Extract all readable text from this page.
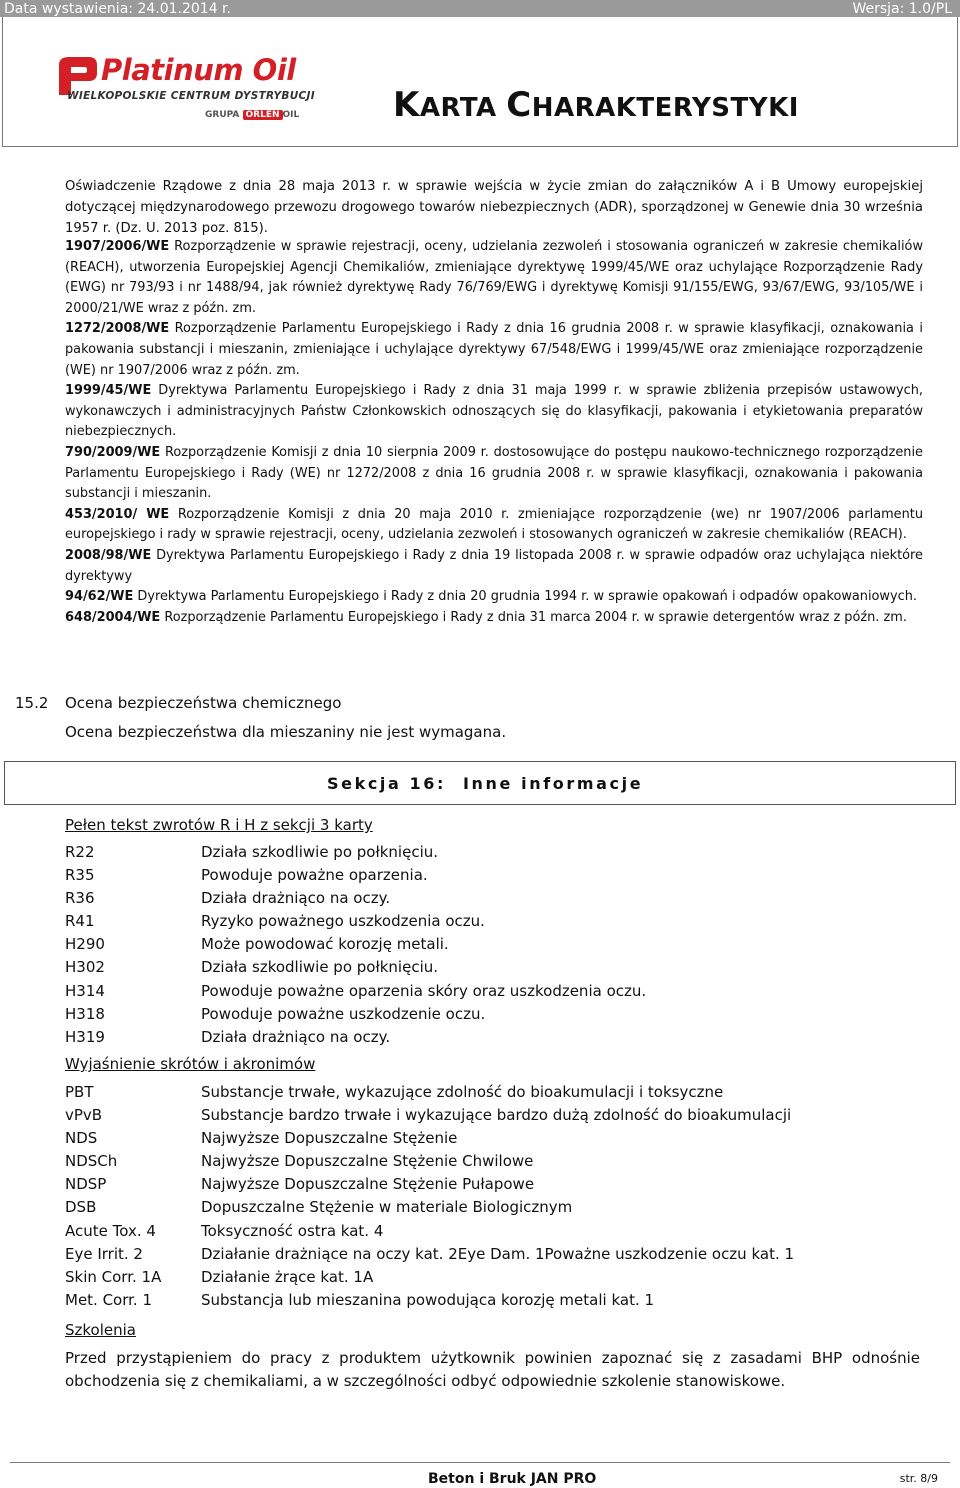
Data wystawienia: 24.01.2014 r.	Wersja: 1.0/PL
Platinum Oil
WIELKOPOLSKIE CENTRUM DYSTRYBUCJI
GRUPA ORLEN OIL	KARTA CHARAKTERYSTYKI
Oświadczenie Rządowe z dnia 28 maja 2013 r. w sprawie wejścia w życie zmian do załączników A i B Umowy europejskiej dotyczącej międzynarodowego przewozu drogowego towarów niebezpiecznych (ADR), sporządzonej w Genewie dnia 30 września 1957 r. (Dz. U. 2013 poz. 815).
1907/2006/WE Rozporządzenie w sprawie rejestracji, oceny, udzielania zezwoleń i stosowania ograniczeń w zakresie chemikaliów (REACH), utworzenia Europejskiej Agencji Chemikaliów, zmieniające dyrektywę 1999/45/WE oraz uchylające Rozporządzenie Rady (EWG) nr 793/93 i nr 1488/94, jak również dyrektywę Rady 76/769/EWG i dyrektywę Komisji 91/155/EWG, 93/67/EWG, 93/105/WE i 2000/21/WE wraz z późn. zm.
1272/2008/WE Rozporządzenie Parlamentu Europejskiego i Rady z dnia 16 grudnia 2008 r. w sprawie klasyfikacji, oznakowania i pakowania substancji i mieszanin, zmieniające i uchylające dyrektywy 67/548/EWG i 1999/45/WE oraz zmieniające rozporządzenie (WE) nr 1907/2006 wraz z późn. zm.
1999/45/WE Dyrektywa Parlamentu Europejskiego i Rady z dnia 31 maja 1999 r. w sprawie zbliżenia przepisów ustawowych, wykonawczych i administracyjnych Państw Członkowskich odnoszących się do klasyfikacji, pakowania i etykietowania preparatów niebezpiecznych.
790/2009/WE Rozporządzenie Komisji z dnia 10 sierpnia 2009 r. dostosowujące do postępu naukowo-technicznego rozporządzenie Parlamentu Europejskiego i Rady (WE) nr 1272/2008 z dnia 16 grudnia 2008 r. w sprawie klasyfikacji, oznakowania i pakowania substancji i mieszanin.
453/2010/ WE Rozporządzenie Komisji z dnia 20 maja 2010 r. zmieniające rozporządzenie (we) nr 1907/2006 parlamentu europejskiego i rady w sprawie rejestracji, oceny, udzielania zezwoleń i stosowanych ograniczeń w zakresie chemikaliów (REACH).
2008/98/WE Dyrektywa Parlamentu Europejskiego i Rady z dnia 19 listopada 2008 r. w sprawie odpadów oraz uchylająca niektóre dyrektywy
94/62/WE Dyrektywa Parlamentu Europejskiego i Rady z dnia 20 grudnia 1994 r. w sprawie opakowań i odpadów opakowaniowych.
648/2004/WE Rozporządzenie Parlamentu Europejskiego i Rady z dnia 31 marca 2004 r. w sprawie detergentów wraz z późn. zm.
15.2 Ocena bezpieczeństwa chemicznego
Ocena bezpieczeństwa dla mieszaniny nie jest wymagana.
Sekcja 16: Inne informacje
Pełen tekst zwrotów R i H z sekcji 3 karty
R22	Działa szkodliwie po połknięciu.
R35	Powoduje poważne oparzenia.
R36	Działa drażniąco na oczy.
R41	Ryzyko poważnego uszkodzenia oczu.
H290	Może powodować korozję metali.
H302	Działa szkodliwie po połknięciu.
H314	Powoduje poważne oparzenia skóry oraz uszkodzenia oczu.
H318	Powoduje poważne uszkodzenie oczu.
H319	Działa drażniąco na oczy.
Wyjaśnienie skrótów i akronimów
PBT	Substancje trwałe, wykazujące zdolność do bioakumulacji i toksyczne
vPvB	Substancje bardzo trwałe i wykazujące bardzo dużą zdolność do bioakumulacji
NDS	Najwyższe Dopuszczalne Stężenie
NDSCh	Najwyższe Dopuszczalne Stężenie Chwilowe
NDSP	Najwyższe Dopuszczalne Stężenie Pułapowe
DSB	Dopuszczalne Stężenie w materiale Biologicznym
Acute Tox. 4	Toksyczność ostra kat. 4
Eye Irrit. 2	Działanie drażniące na oczy kat. 2Eye Dam. 1Poważne uszkodzenie oczu kat. 1
Skin Corr. 1A	Działanie żrące kat. 1A
Met. Corr. 1	Substancja lub mieszanina powodująca korozję metali kat. 1
Szkolenia
Przed przystąpieniem do pracy z produktem użytkownik powinien zapoznać się z zasadami BHP odnośnie obchodzenia się z chemikaliami, a w szczególności odbyć odpowiednie szkolenie stanowiskowe.
Beton i Bruk JAN PRO	str. 8/9
